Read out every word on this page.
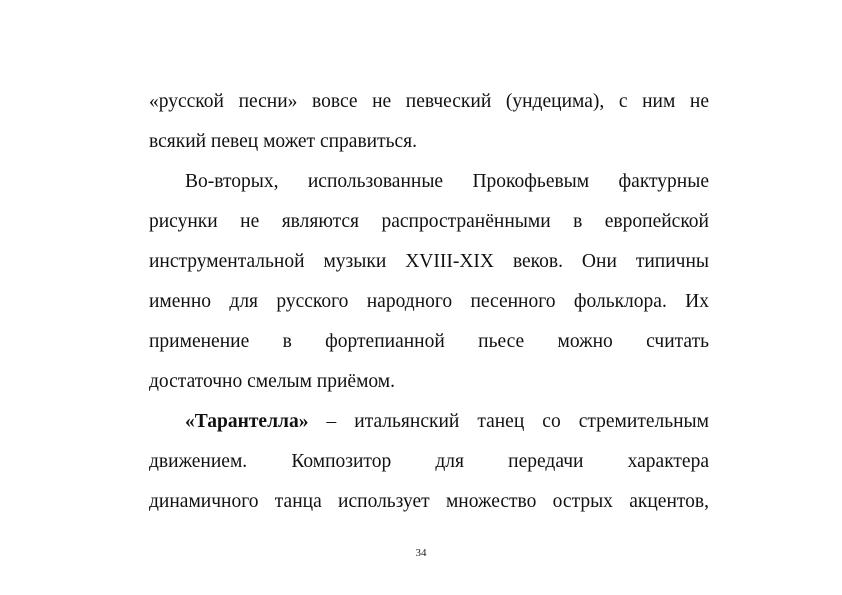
«русской песни» вовсе не певческий (ундецима), с ним не
всякий певец может справиться.
Во-вторых, использованные Прокофьевым фактурные
рисунки не являются распространёнными в европейской
инструментальной музыки XVIII-XIX веков. Они типичны
именно для русского народного песенного фольклора. Их
применение в фортепианной пьесе можно считать
достаточно смелым приёмом.
«Тарантелла» – итальянский танец со стремительным
движением. Композитор для передачи характера
динамичного танца использует множество острых акцентов,
34
